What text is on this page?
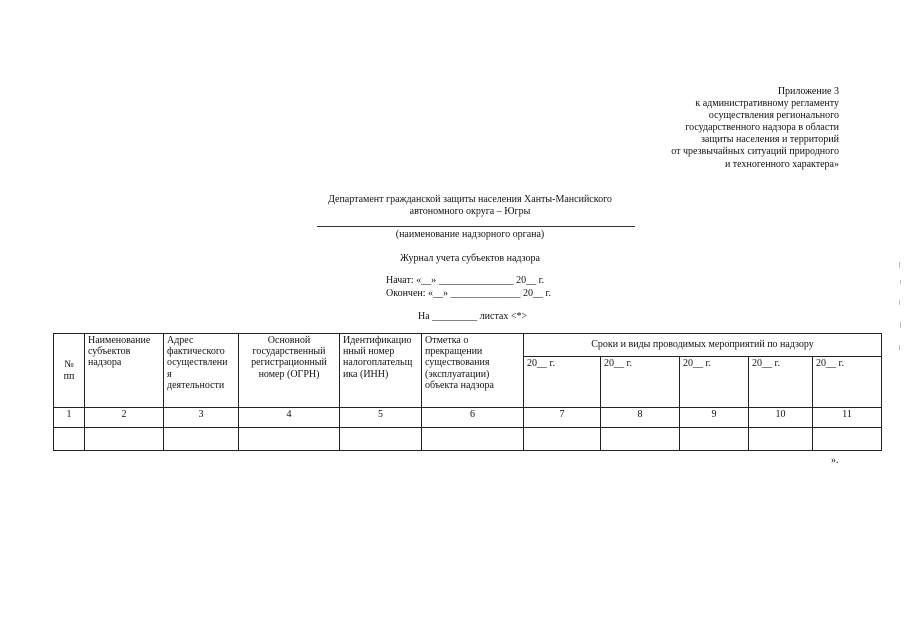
Приложение 3
к административному регламенту
осуществления регионального
государственного надзора в области
защиты населения и территорий
от чрезвычайных ситуаций природного
и техногенного характера»
Департамент гражданской защиты населения Ханты-Мансийского
автономного округа – Югры
(наименование надзорного органа)
Журнал учета субъектов надзора
Начат: «__» _______________ 20__ г.
Окончен: «__» ______________ 20__ г.
На _________ листах <*>
№
пп	Наименование
субъектов
надзора	Адрес
фактического
осуществлени
я
деятельности	Основной
государственный
регистрационный
номер (ОГРН)	Идентификацио
нный номер
налогоплательщ
ика (ИНН)	Отметка о
прекращении
существования
(эксплуатации)
объекта надзора	Сроки и виды проводимых мероприятий по надзору				
						20__ г.	20__ г.	20__ г.	20__ г.	20__ г.
1	2	3	4	5	6	7	8	9	10	11

».
